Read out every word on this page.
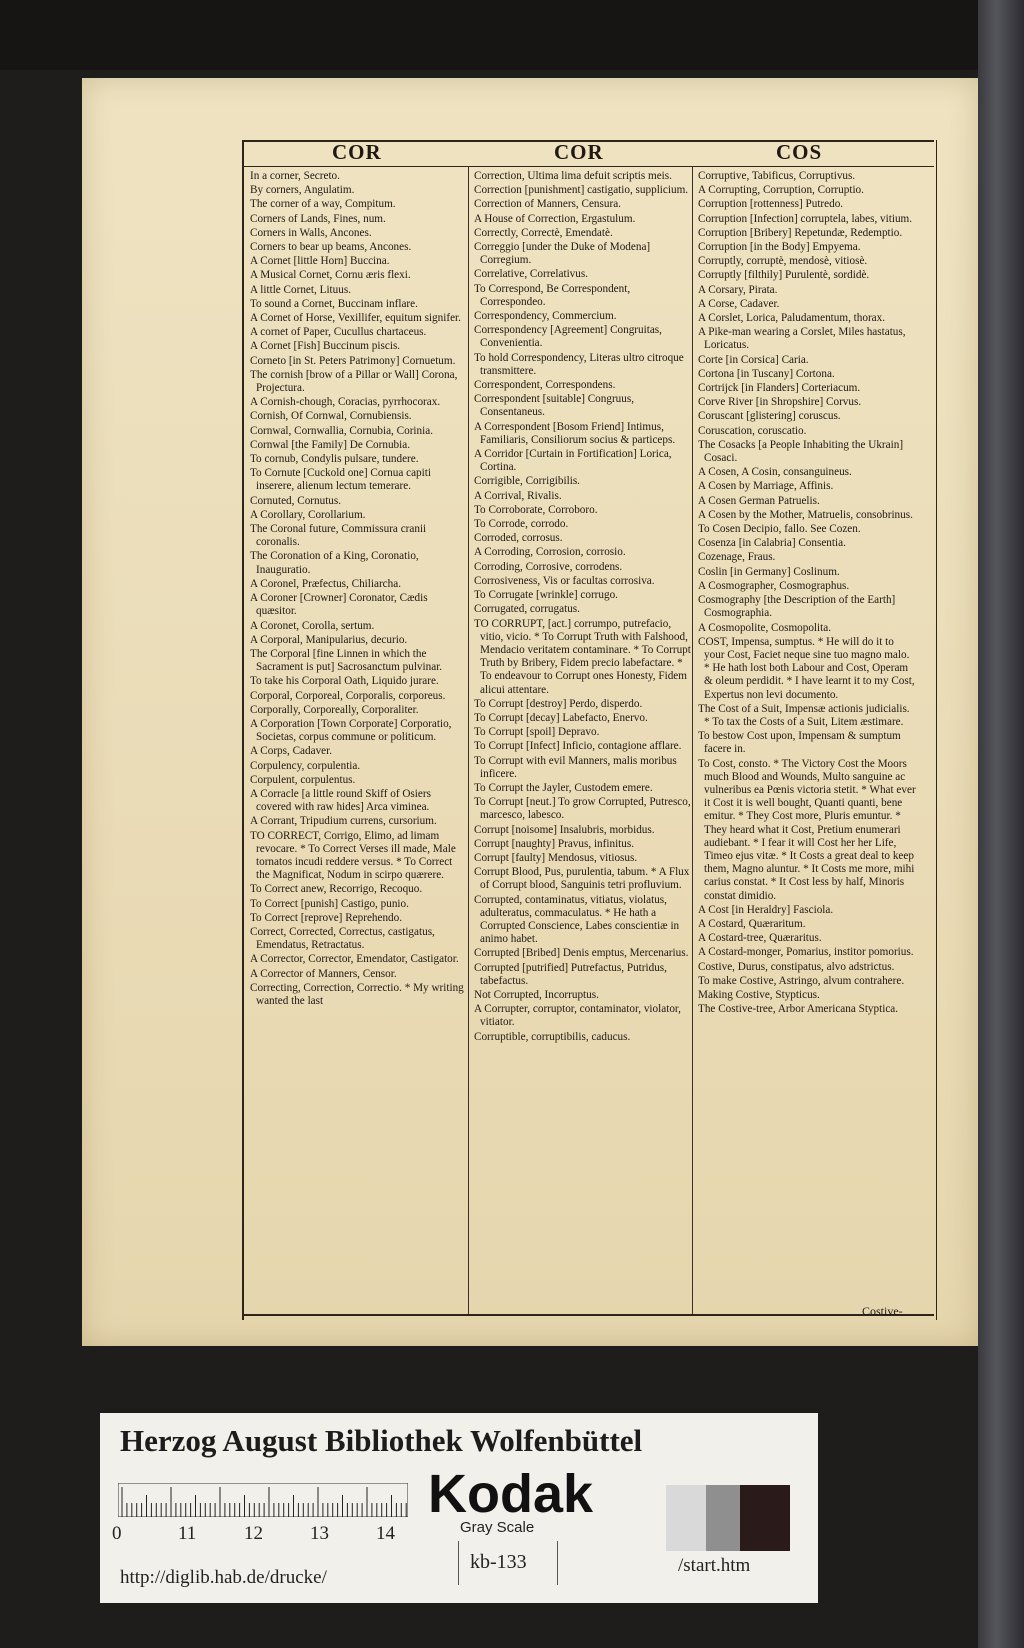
COR	COR	COS
In a corner, Secreto.
By corners, Angulatim.
The corner of a way, Compitum.
Corners of Lands, Fines, num.
Corners in Walls, Ancones.
Corners to bear up beams, Ancones.
A Cornet [little Horn] Buccina.
A Musical Cornet, Cornu æris flexi.
A little Cornet, Lituus.
To sound a Cornet, Buccinam inflare.
A Cornet of Horse, Vexillifer, equitum signifer.
A cornet of Paper, Cucullus chartaceus.
A Cornet [Fish] Buccinum piscis.
Corneto [in St. Peters Patrimony] Cornuetum.
The cornish [brow of a Pillar or Wall] Corona, Projectura.
A Cornish-chough, Coracias, pyrrhocorax.
Cornish, Of Cornwal, Cornubiensis.
Cornwal, Cornwallia, Cornubia, Corinia.
Cornwal [the Family] De Cornubia.
To cornub, Condylis pulsare, tundere.
To Cornute [Cuckold one] Cornua capiti inserere, alienum lectum temerare.
Cornuted, Cornutus.
A Corollary, Corollarium.
The Coronal future, Commissura cranii coronalis.
The Coronation of a King, Coronatio, Inauguratio.
A Coronel, Præfectus, Chiliarcha.
A Coroner [Crowner] Coronator, Cædis quæsitor.
A Coronet, Corolla, sertum.
A Corporal, Manipularius, decurio.
The Corporal [fine Linnen in which the Sacrament is put] Sacrosanctum pulvinar.
To take his Corporal Oath, Liquido jurare.
Corporal, Corporeal, Corporalis, corporeus.
Corporally, Corporeally, Corporaliter.
A Corporation [Town Corporate] Corporatio, Societas, corpus commune or politicum.
A Corps, Cadaver.
Corpulency, corpulentia.
Corpulent, corpulentus.
A Corracle [a little round Skiff of Osiers covered with raw hides] Arca viminea.
A Corrant, Tripudium currens, cursorium.
TO CORRECT, Corrigo, Elimo, ad limam revocare. * To Correct Verses ill made, Male tornatos incudi reddere versus. * To Correct the Magnificat, Nodum in scirpo quærere.
To Correct anew, Recorrigo, Recoquo.
To Correct [punish] Castigo, punio.
To Correct [reprove] Reprehendo.
Correct, Corrected, Correctus, castigatus, Emendatus, Retractatus.
A Corrector, Corrector, Emendator, Castigator.
A Corrector of Manners, Censor.
Correcting, Correction, Correctio. * My writing wanted the last
Correction, Ultima lima defuit scriptis meis.
Correction [punishment] castigatio, supplicium.
Correction of Manners, Censura.
A House of Correction, Ergastulum.
Correctly, Correctè, Emendatè.
Correggio [under the Duke of Modena] Corregium.
Correlative, Correlativus.
To Correspond, Be Correspondent, Correspondeo.
Correspondency, Commercium.
Correspondency [Agreement] Congruitas, Convenientia.
To hold Correspondency, Literas ultro citroque transmittere.
Correspondent, Correspondens.
Correspondent [suitable] Congruus, Consentaneus.
A Correspondent [Bosom Friend] Intimus, Familiaris, Consiliorum socius & particeps.
A Corridor [Curtain in Fortification] Lorica, Cortina.
Corrigible, Corrigibilis.
A Corrival, Rivalis.
To Corroborate, Corroboro.
To Corrode, corrodo.
Corroded, corrosus.
A Corroding, Corrosion, corrosio.
Corroding, Corrosive, corrodens.
Corrosiveness, Vis or facultas corrosiva.
To Corrugate [wrinkle] corrugo.
Corrugated, corrugatus.
TO CORRUPT, [act.] corrumpo, putrefacio, vitio, vicio. * To Corrupt Truth with Falshood, Mendacio veritatem contaminare. * To Corrupt Truth by Bribery, Fidem precio labefactare. * To endeavour to Corrupt ones Honesty, Fidem alicui attentare.
To Corrupt [destroy] Perdo, disperdo.
To Corrupt [decay] Labefacto, Enervo.
To Corrupt [spoil] Depravo.
To Corrupt [Infect] Inficio, contagione afflare.
To Corrupt with evil Manners, malis moribus inficere.
To Corrupt the Jayler, Custodem emere.
To Corrupt [neut.] To grow Corrupted, Putresco, marcesco, labesco.
Corrupt [noisome] Insalubris, morbidus.
Corrupt [naughty] Pravus, infinitus.
Corrupt [faulty] Mendosus, vitiosus.
Corrupt Blood, Pus, purulentia, tabum. * A Flux of Corrupt blood, Sanguinis tetri profluvium.
Corrupted, contaminatus, vitiatus, violatus, adulteratus, commaculatus. * He hath a Corrupted Conscience, Labes conscientiæ in animo habet.
Corrupted [Bribed] Denis emptus, Mercenarius.
Corrupted [putrified] Putrefactus, Putridus, tabefactus.
Not Corrupted, Incorruptus.
A Corrupter, corruptor, contaminator, violator, vitiator.
Corruptible, corruptibilis, caducus.
Corruptive, Tabificus, Corruptivus.
A Corrupting, Corruption, Corruptio.
Corruption [rottenness] Putredo.
Corruption [Infection] corruptela, labes, vitium.
Corruption [Bribery] Repetundæ, Redemptio.
Corruption [in the Body] Empyema.
Corruptly, corruptè, mendosè, vitiosè.
Corruptly [filthily] Purulentè, sordidè.
A Corsary, Pirata.
A Corse, Cadaver.
A Corslet, Lorica, Paludamentum, thorax.
A Pike-man wearing a Corslet, Miles hastatus, Loricatus.
Corte [in Corsica] Caria.
Cortona [in Tuscany] Cortona.
Cortrijck [in Flanders] Corteriacum.
Corve River [in Shropshire] Corvus.
Coruscant [glistering] coruscus.
Coruscation, coruscatio.
The Cosacks [a People Inhabiting the Ukrain] Cosaci.
A Cosen, A Cosin, consanguineus.
A Cosen by Marriage, Affinis.
A Cosen German Patruelis.
A Cosen by the Mother, Matruelis, consobrinus.
To Cosen Decipio, fallo. See Cozen.
Cosenza [in Calabria] Consentia.
Cozenage, Fraus.
Coslin [in Germany] Coslinum.
A Cosmographer, Cosmographus.
Cosmography [the Description of the Earth] Cosmographia.
A Cosmopolite, Cosmopolita.
COST, Impensa, sumptus. * He will do it to your Cost, Faciet neque sine tuo magno malo. * He hath lost both Labour and Cost, Operam & oleum perdidit. * I have learnt it to my Cost, Expertus non levi documento.
The Cost of a Suit, Impensæ actionis judicialis. * To tax the Costs of a Suit, Litem æstimare.
To bestow Cost upon, Impensam & sumptum facere in.
To Cost, consto. * The Victory Cost the Moors much Blood and Wounds, Multo sanguine ac vulneribus ea Pœnis victoria stetit. * What ever it Cost it is well bought, Quanti quanti, bene emitur. * They Cost more, Pluris emuntur. * They heard what it Cost, Pretium enumerari audiebant. * I fear it will Cost her her Life, Timeo ejus vitæ. * It Costs a great deal to keep them, Magno aluntur. * It Costs me more, mihi carius constat. * It Cost less by half, Minoris constat dimidio.
A Cost [in Heraldry] Fasciola.
A Costard, Quæraritum.
A Costard-tree, Quæraritus.
A Costard-monger, Pomarius, institor pomorius.
Costive, Durus, constipatus, alvo adstrictus.
To make Costive, Astringo, alvum contrahere.
Making Costive, Stypticus.
The Costive-tree, Arbor Americana Styptica.
Costive-
Herzog August Bibliothek Wolfenbüttel
0	11	12 13 14
Kodak
Gray Scale
http://diglib.hab.de/drucke/
kb-133	/start.htm
